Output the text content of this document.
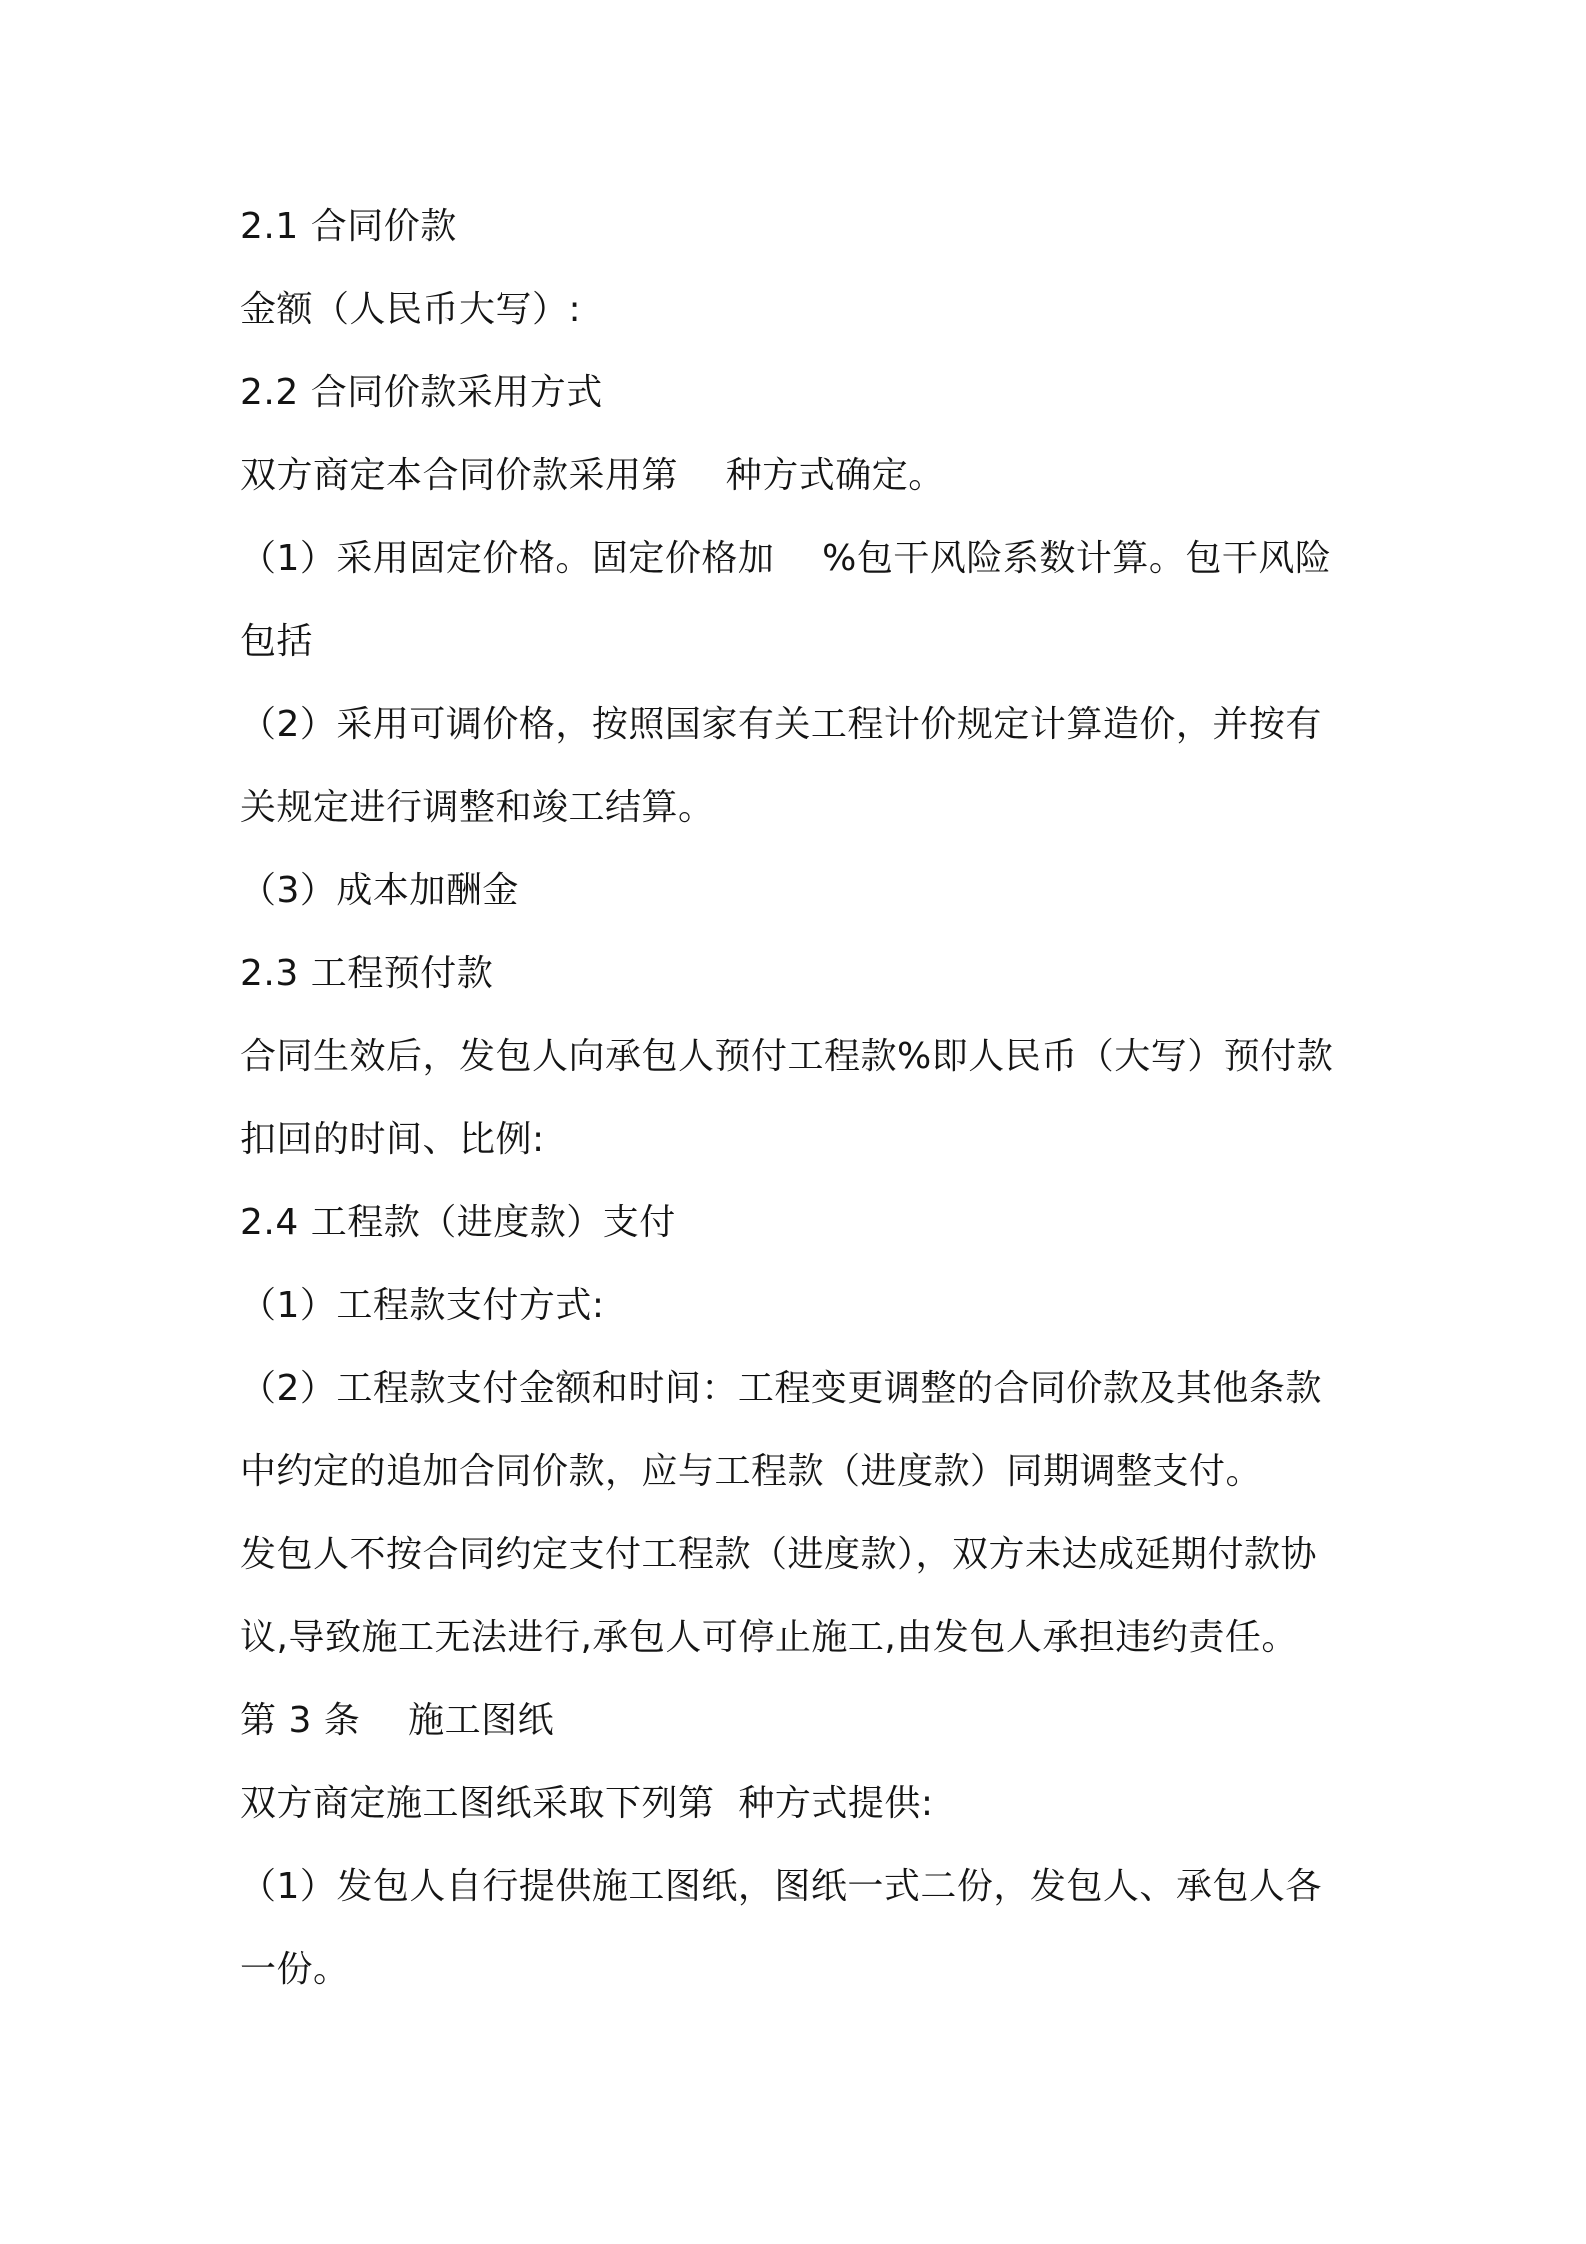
2.1 合同价款
金额（人民币大写）:
2.2 合同价款采用方式
双方商定本合同价款采用第    种方式确定。
（1）采用固定价格。固定价格加    %包干风险系数计算。包干风险
包括
（2）采用可调价格，按照国家有关工程计价规定计算造价，并按有
关规定进行调整和竣工结算。
（3）成本加酬金
2.3 工程预付款
合同生效后，发包人向承包人预付工程款%即人民币（大写）预付款
扣回的时间、比例:
2.4 工程款（进度款）支付
（1）工程款支付方式:
（2）工程款支付金额和时间：工程变更调整的合同价款及其他条款
中约定的追加合同价款，应与工程款（进度款）同期调整支付。
发包人不按合同约定支付工程款（进度款），双方未达成延期付款协
议,导致施工无法进行,承包人可停止施工,由发包人承担违约责任。
第 3 条    施工图纸
双方商定施工图纸采取下列第  种方式提供:
（1）发包人自行提供施工图纸，图纸一式二份，发包人、承包人各
一份。
